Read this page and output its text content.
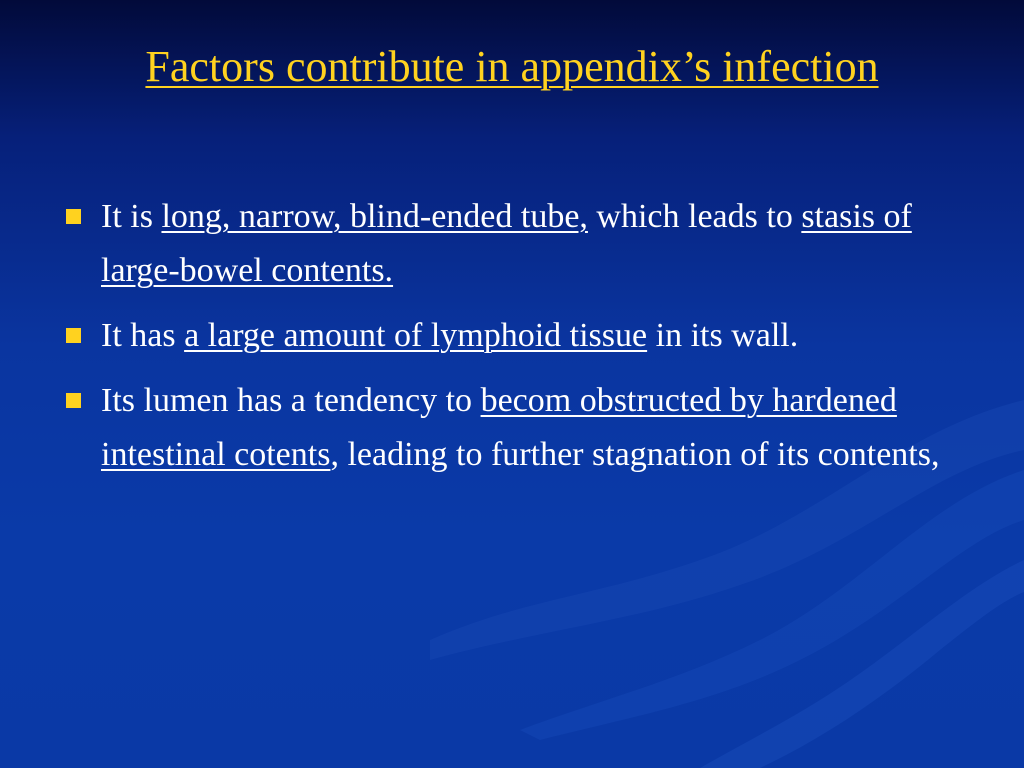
Factors contribute in appendix’s infection
It is long, narrow, blind-ended tube, which leads to stasis of large-bowel contents.
It has a large amount of lymphoid tissue in its wall.
Its lumen has a tendency to becom obstructed by hardened intestinal cotents, leading to further stagnation of its contents,
